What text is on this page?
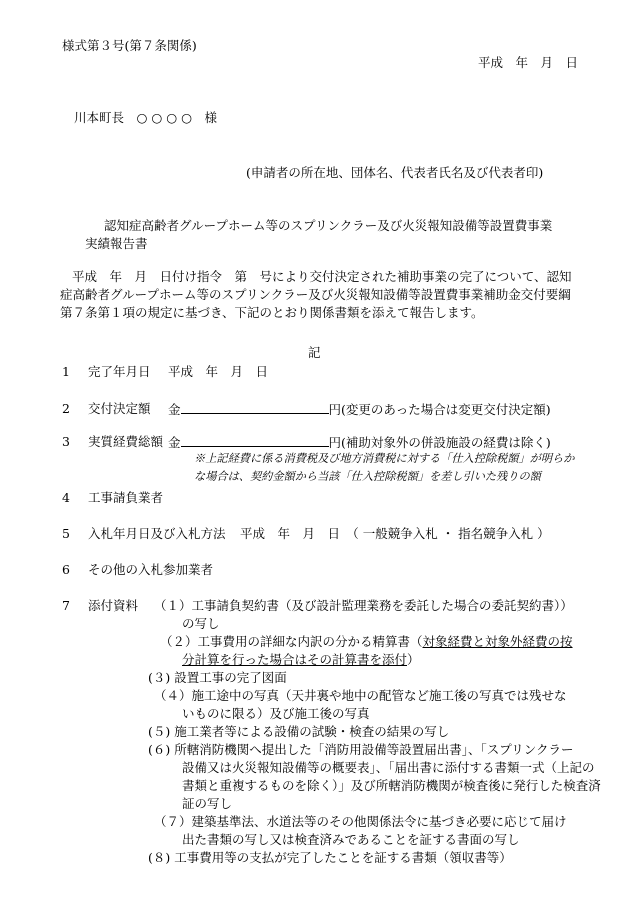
様式第３号(第７条関係)
平成　年　月　日
川本町長　○ ○ ○ ○　様
(申請者の所在地、団体名、代表者氏名及び代表者印)
認知症高齢者グループホーム等のスプリンクラー及び火災報知設備等設置費事業
実績報告書
平成　年　月　日付け指令　第　号により交付決定された補助事業の完了について、認知症高齢者グループホーム等のスプリンクラー及び火災報知設備等設置費事業補助金交付要綱第７条第１項の規定に基づき、下記のとおり関係書類を添えて報告します。
記
1 完了年月日 平成　年　月　日
2 交付決定額 金	円(変更のあった場合は変更交付決定額)
3 実質経費総額 金	円(補助対象外の併設施設の経費は除く)
※上記経費に係る消費税及び地方消費税に対する「仕入控除税額」が明らか
な場合は、契約金額から当該「仕入控除税額」を差し引いた残りの額
4 工事請負業者
5 入札年月日及び入札方法 平成　年　月　日　（ 一般競争入札 ・ 指名競争入札 ）
6 その他の入札参加業者
7 添付資料 （１）工事請負契約書（及び設計監理業務を委託した場合の委託契約書））
の写し
（２）工事費用の詳細な内訳の分かる精算書（対象経費と対象外経費の按
分計算を行った場合はその計算書を添付）
(３) 設置工事の完了図面
（４）施工途中の写真（天井裏や地中の配管など施工後の写真では残せな
いものに限る）及び施工後の写真
(５) 施工業者等による設備の試験・検査の結果の写し
(６) 所轄消防機関へ提出した「消防用設備等設置届出書」、「スプリンクラー
設備又は火災報知設備等の概要表」、「届出書に添付する書類一式（上記の
書類と重複するものを除く）」及び所轄消防機関が検査後に発行した検査済
証の写し
（７）建築基準法、水道法等のその他関係法令に基づき必要に応じて届け
出た書類の写し又は検査済みであることを証する書面の写し
(８) 工事費用等の支払が完了したことを証する書類（領収書等）
